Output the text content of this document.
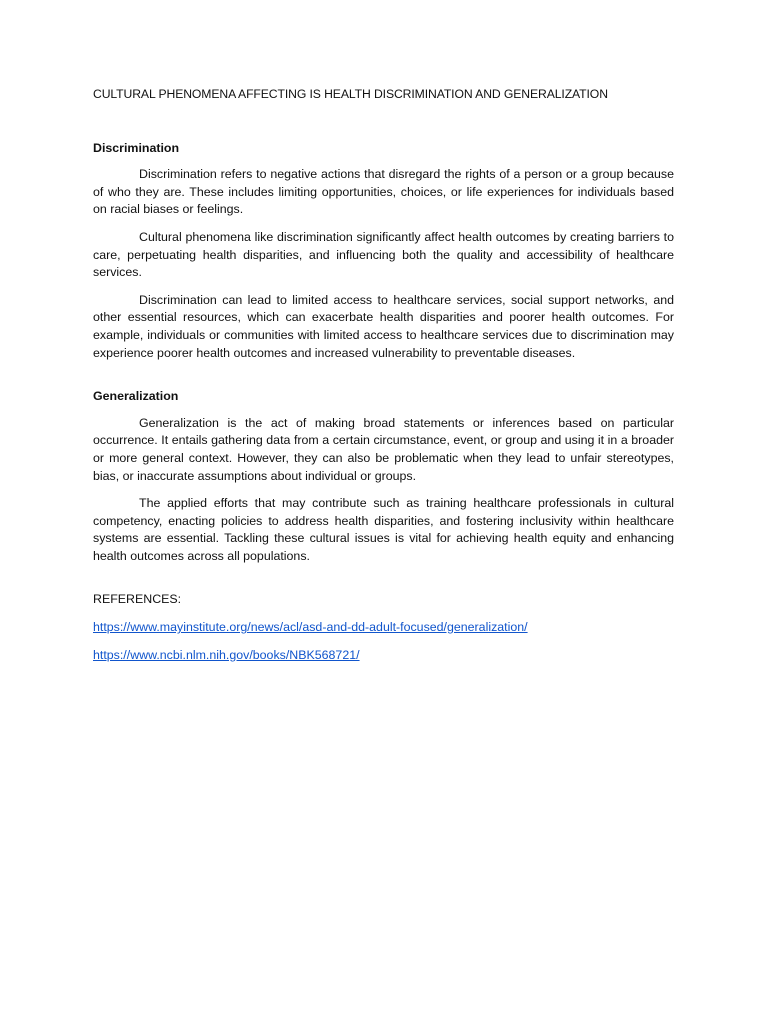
CULTURAL PHENOMENA AFFECTING IS HEALTH DISCRIMINATION AND GENERALIZATION

Discrimination

Discrimination refers to negative actions that disregard the rights of a person or a group because of who they are. These includes limiting opportunities, choices, or life experiences for individuals based on racial biases or feelings.

Cultural phenomena like discrimination significantly affect health outcomes by creating barriers to care, perpetuating health disparities, and influencing both the quality and accessibility of healthcare services.

Discrimination can lead to limited access to healthcare services, social support networks, and other essential resources, which can exacerbate health disparities and poorer health outcomes. For example, individuals or communities with limited access to healthcare services due to discrimination may experience poorer health outcomes and increased vulnerability to preventable diseases.

Generalization

Generalization is the act of making broad statements or inferences based on particular occurrence. It entails gathering data from a certain circumstance, event, or group and using it in a broader or more general context. However, they can also be problematic when they lead to unfair stereotypes, bias, or inaccurate assumptions about individual or groups.

The applied efforts that may contribute such as training healthcare professionals in cultural competency, enacting policies to address health disparities, and fostering inclusivity within healthcare systems are essential. Tackling these cultural issues is vital for achieving health equity and enhancing health outcomes across all populations.

REFERENCES:

https://www.mayinstitute.org/news/acl/asd-and-dd-adult-focused/generalization/
https://www.ncbi.nlm.nih.gov/books/NBK568721/
